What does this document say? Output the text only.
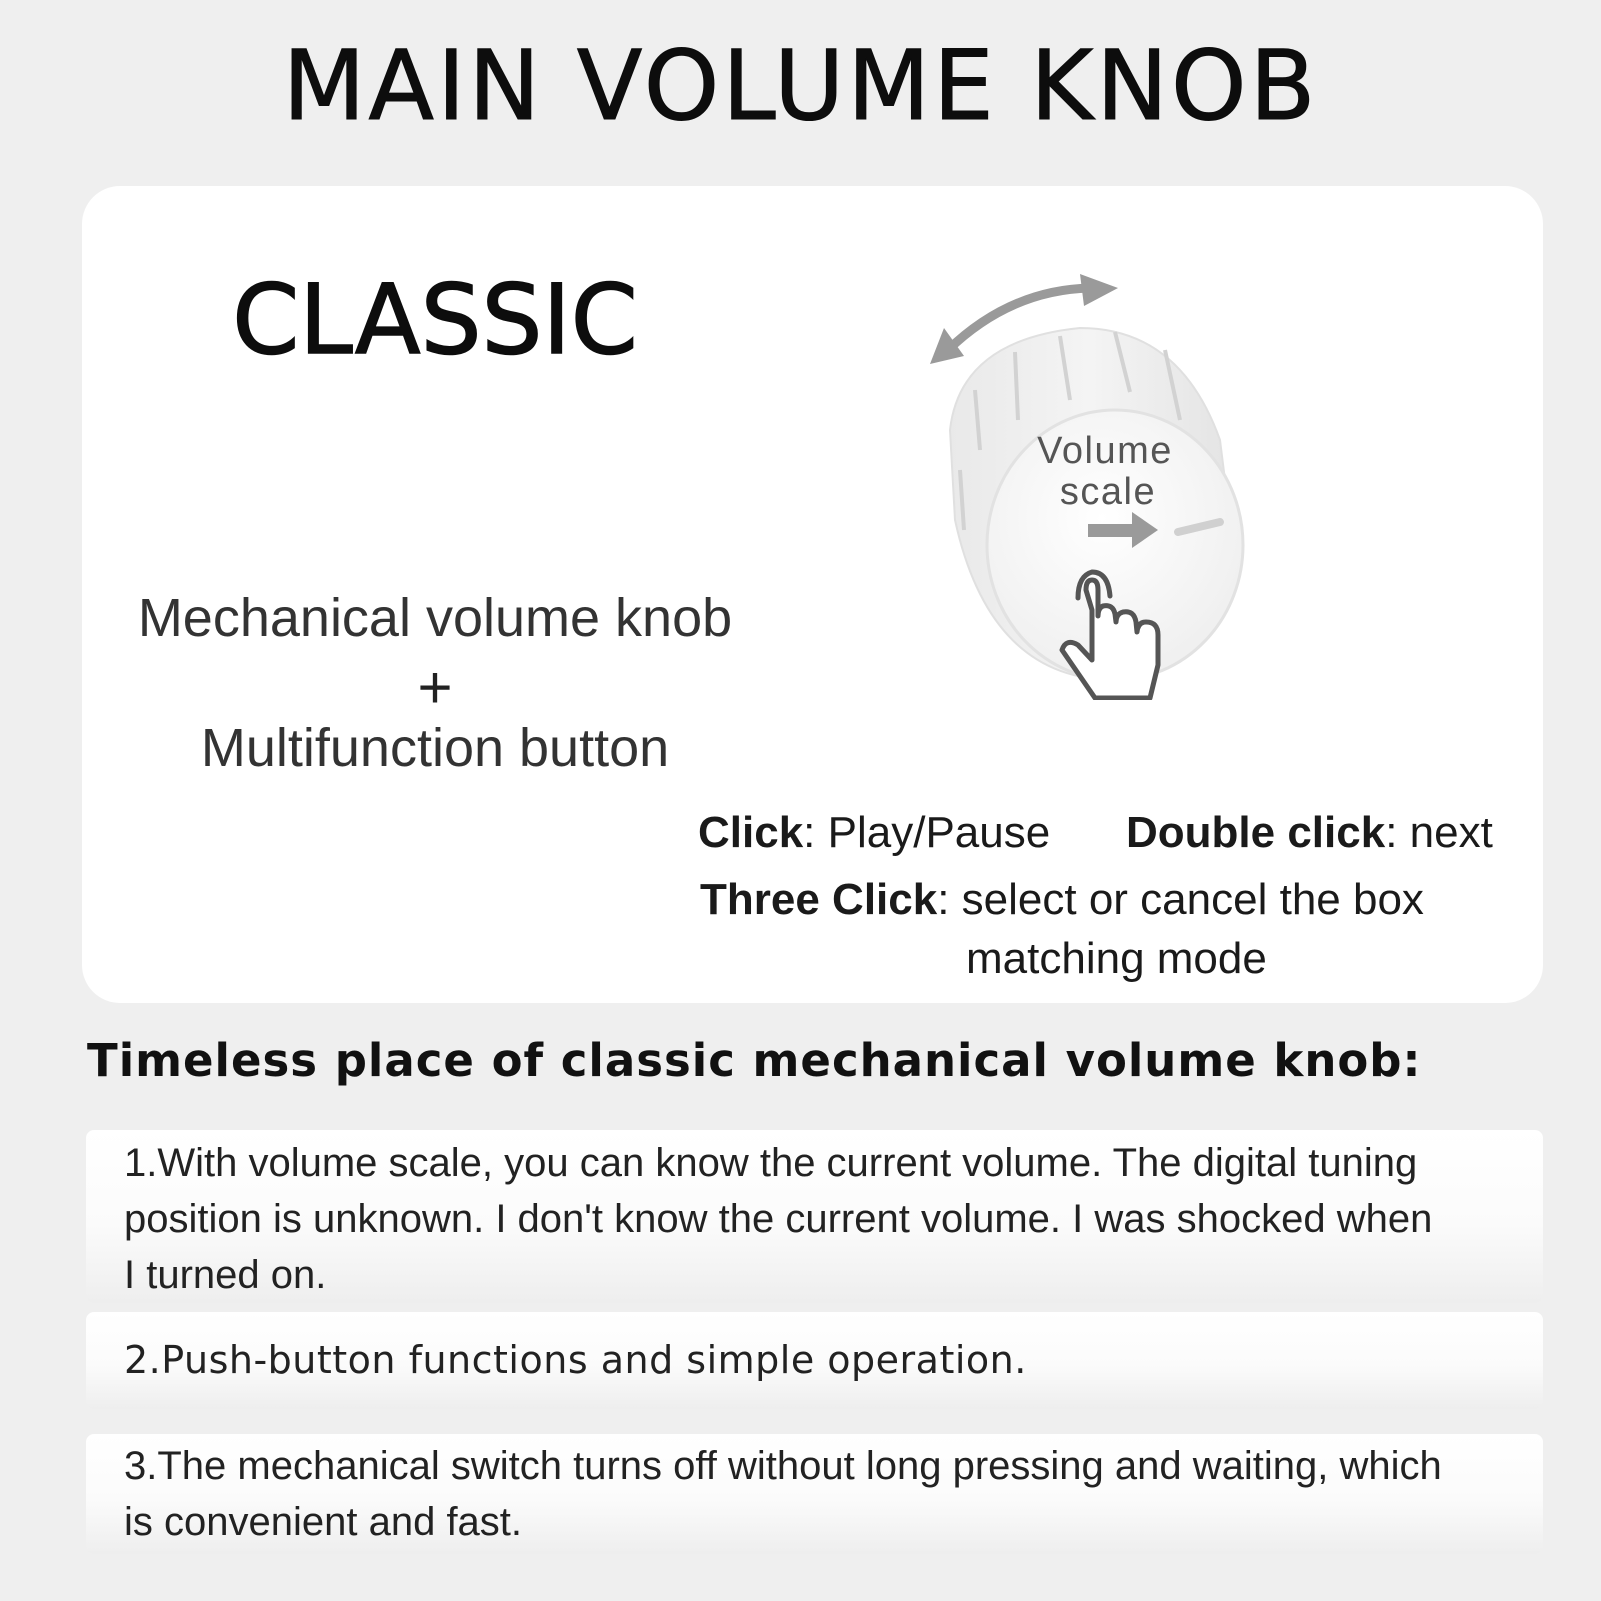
MAIN VOLUME KNOB
CLASSIC
Mechanical volume knob
+
Multifunction button
Volume
scale
Click: Play/Pause Double click: next
Three Click: select or cancel the box
matching mode
Timeless place of classic mechanical volume knob:
1.With volume scale, you can know the current volume. The digital tuning position is unknown. I don't know the current volume. I was shocked when I turned on.
2.Push-button functions and simple operation.
3.The mechanical switch turns off without long pressing and waiting, which is convenient and fast.
